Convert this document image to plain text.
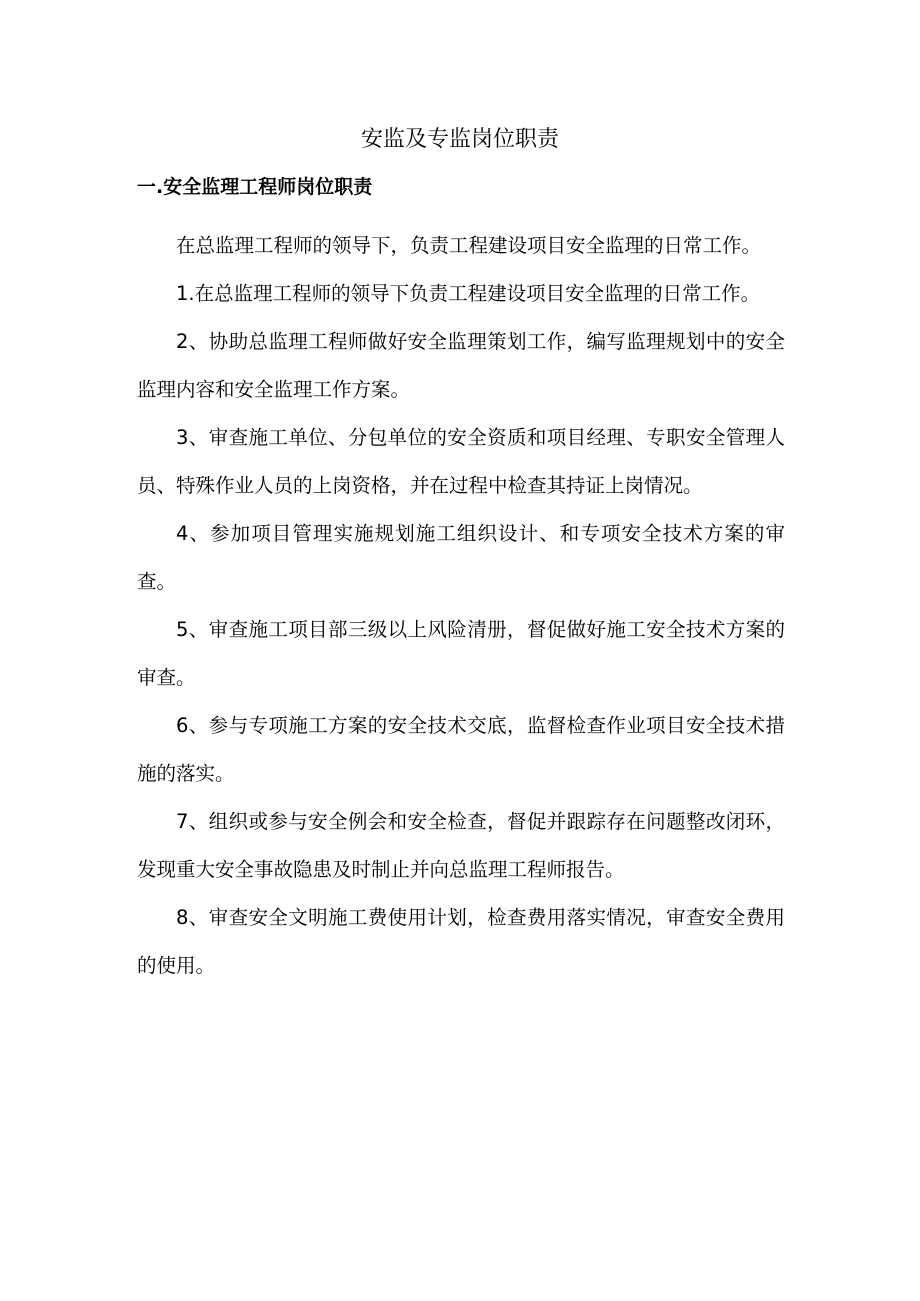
安监及专监岗位职责
一.安全监理工程师岗位职责

在总监理工程师的领导下，负责工程建设项目安全监理的日常工作。

1.在总监理工程师的领导下负责工程建设项目安全监理的日常工作。

2、协助总监理工程师做好安全监理策划工作，编写监理规划中的安全监理内容和安全监理工作方案。

3、审查施工单位、分包单位的安全资质和项目经理、专职安全管理人员、特殊作业人员的上岗资格，并在过程中检查其持证上岗情况。

4、参加项目管理实施规划施工组织设计、和专项安全技术方案的审查。

5、审查施工项目部三级以上风险清册，督促做好施工安全技术方案的审查。

6、参与专项施工方案的安全技术交底，监督检查作业项目安全技术措施的落实。

7、组织或参与安全例会和安全检查，督促并跟踪存在问题整改闭环，发现重大安全事故隐患及时制止并向总监理工程师报告。

8、审查安全文明施工费使用计划，检查费用落实情况，审查安全费用的使用。
